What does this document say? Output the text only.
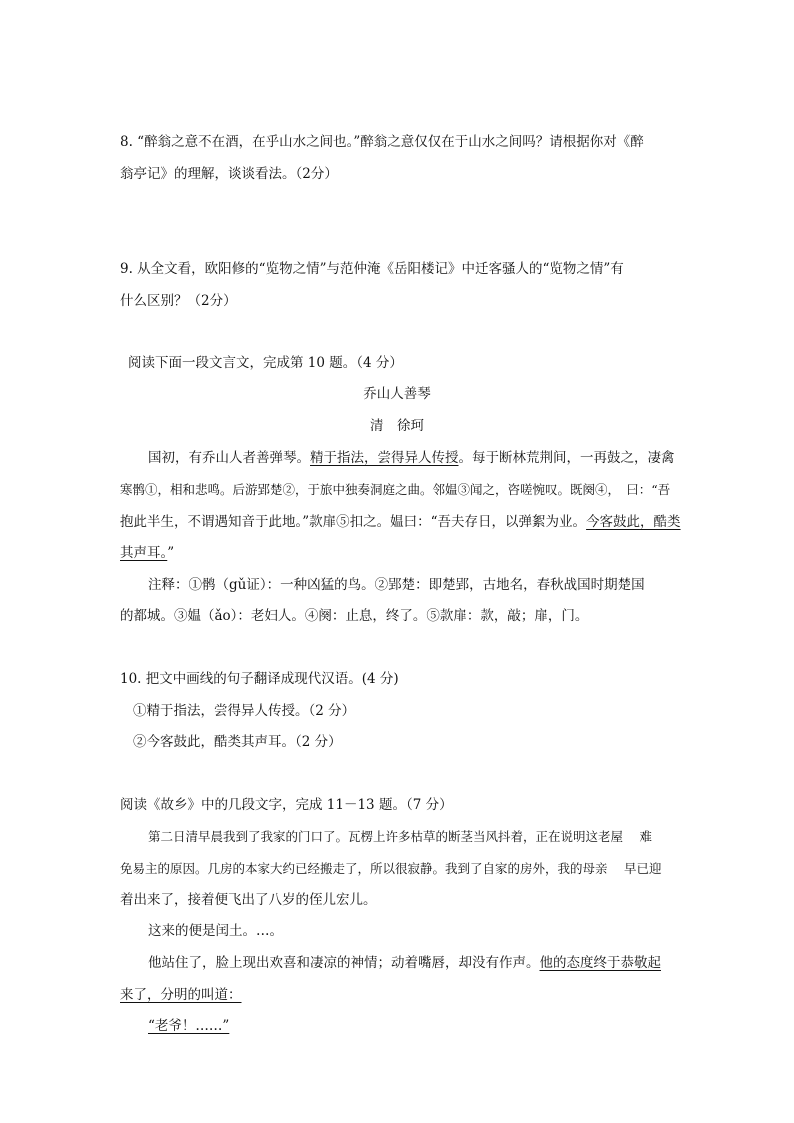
8. “醉翁之意不在酒，在乎山水之间也。”醉翁之意仅仅在于山水之间吗？请根据你对《醉
翁亭记》的理解，谈谈看法。（2分）
9. 从全文看，欧阳修的“览物之情”与范仲淹《岳阳楼记》中迁客骚人的“览物之情”有
什么区别？（2分）
阅读下面一段文言文，完成第 10 题。（4 分）
乔山人善琴
清　徐珂
国初，有乔山人者善弹琴。精于指法，尝得异人传授。每于断林荒荆间，一再鼓之，凄禽
寒鹘①，相和悲鸣。后游郢楚②，于旅中独奏洞庭之曲。邻媪③闻之，咨嗟惋叹。既阕④，　曰：“吾
抱此半生，不谓遇知音于此地。”款扉⑤扣之。媪曰：“吾夫存日，以弹絮为业。今客鼓此，酷类
其声耳。”
注释：①鹘（gǔ证）：一种凶猛的鸟。②郢楚：即楚郢，古地名，春秋战国时期楚国
的都城。③媪（ǎo）：老妇人。④阕：止息，终了。⑤款扉：款，敲；扉，门。
10. 把文中画线的句子翻译成现代汉语。(4 分)
①精于指法，尝得异人传授。（2 分）
②今客鼓此，酷类其声耳。（2 分）
阅读《故乡》中的几段文字，完成 11－13 题。（7 分）
第二日清早晨我到了我家的门口了。瓦楞上许多枯草的断茎当风抖着，正在说明这老屋　 难
免易主的原因。几房的本家大约已经搬走了，所以很寂静。我到了自家的房外，我的母亲　 早已迎
着出来了，接着便飞出了八岁的侄儿宏儿。
这来的便是闰土。…。
他站住了，脸上现出欢喜和凄凉的神情；动着嘴唇，却没有作声。他的态度终于恭敬起
来了，分明的叫道：
“老爷！……”
